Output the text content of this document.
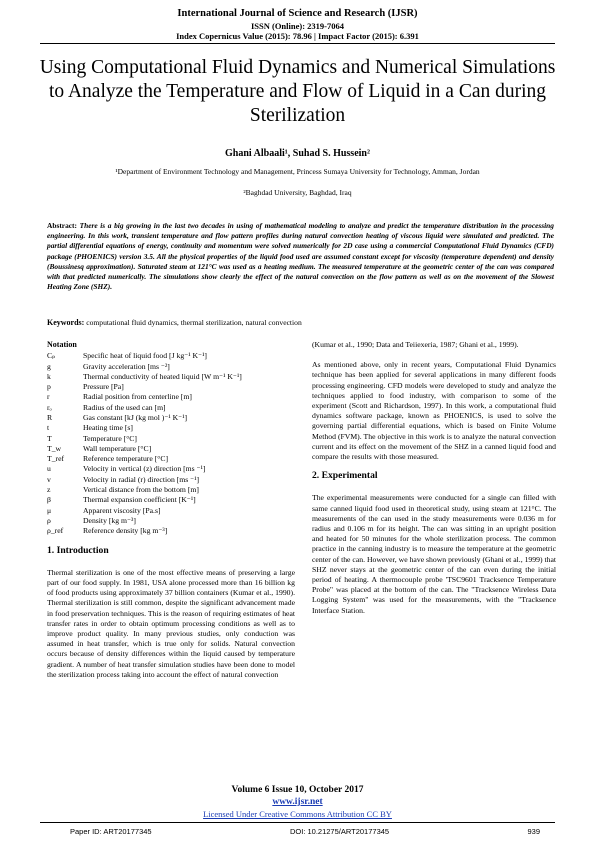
International Journal of Science and Research (IJSR)
ISSN (Online): 2319-7064
Index Copernicus Value (2015): 78.96 | Impact Factor (2015): 6.391
Using Computational Fluid Dynamics and Numerical Simulations to Analyze the Temperature and Flow of Liquid in a Can during Sterilization
Ghani Albaali¹, Suhad S. Hussein²
¹Department of Environment Technology and Management, Princess Sumaya University for Technology, Amman, Jordan
²Baghdad University, Baghdad, Iraq
Abstract: There is a big growing in the last two decades in using of mathematical modeling to analyze and predict the temperature distribution in the processing engineering. In this work, transient temperature and flow pattern profiles during natural convection heating of viscous liquid were simulated and predicted. The partial differential equations of energy, continuity and momentum were solved numerically for 2D case using a commercial Computational Fluid Dynamics (CFD) package (PHOENICS) version 3.5. All the physical properties of the liquid food used are assumed constant except for viscosity (temperature dependent) and density (Boussinesq approximation). Saturated steam at 121°C was used as a heating medium. The measured temperature at the geometric center of the can was compared with that predicted numerically. The simulations show clearly the effect of the natural convection on the flow pattern as well as on the movement of the Slowest Heating Zone (SHZ).
Keywords: computational fluid dynamics, thermal sterilization, natural convection
Notation
Cₚ	Specific heat of liquid food [J kg⁻¹ K⁻¹]
g	Gravity acceleration [ms ⁻²]
k	Thermal conductivity of heated liquid [W m⁻¹ K⁻¹]
p	Pressure [Pa]
r	Radial position from centerline [m]
rₒ	Radius of the used can [m]
R	Gas constant [kJ (kg mol )⁻¹ K⁻¹]
t	Heating time [s]
T	Temperature [°C]
T_w	Wall temperature [°C]
T_ref	Reference temperature [°C]
u	Velocity in vertical (z) direction [ms ⁻¹]
v	Velocity in radial (r) direction [ms ⁻¹]
z	Vertical distance from the bottom [m]
β	Thermal expansion coefficient [K⁻¹]
μ	Apparent viscosity [Pa.s]
ρ	Density [kg m⁻³]
ρ_ref	Reference density [kg m⁻³]
1. Introduction

Thermal sterilization is one of the most effective means of preserving a large part of our food supply. In 1981, USA alone processed more than 16 billion kg of food products using approximately 37 billion containers (Kumar et al., 1990). Thermal sterilization is still common, despite the significant advancement made in food preservation techniques. This is the reason of requiring estimates of heat transfer rates in order to obtain optimum processing conditions as well as to improve product quality. In many previous studies, only conduction was assumed in heat transfer, which is true only for solids. Natural convection occurs because of density differences within the liquid caused by temperature gradient. A number of heat transfer simulation studies have been done to model the sterilization process taking into account the effect of natural convection

(Kumar et al., 1990; Data and Teiiexeria, 1987; Ghani et al., 1999).

As mentioned above, only in recent years, Computational Fluid Dynamics technique has been applied for several applications in many different foods processing engineering. CFD models were developed to study and analyze the techniques applied to food industry, with comparison to some of the experiment (Scott and Richardson, 1997). In this work, a computational fluid dynamics software package, known as PHOENICS, is used to solve the governing partial differential equations, which is based on Finite Volume Method (FVM). The objective in this work is to analyze the natural convection current and its effect on the movement of the SHZ in a canned liquid food and compare the results with those measured.

2. Experimental

The experimental measurements were conducted for a single can filled with same canned liquid food used in theoretical study, using steam at 121°C. The measurements of the can used in the study measurements were 0.036 m for radius and 0.106 m for its height. The can was sitting in an upright position and heated for 50 minutes for the whole sterilization process. The common practice in the canning industry is to measure the temperature at the geometric center of the can. However, we have shown previously (Ghani et al., 1999) that SHZ never stays at the geometric center of the can even during the initial period of heating. A thermocouple probe 'TSC9601 Tracksence Temperature Probe" was placed at the bottom of the can. The "Tracksence Wireless Data Logging System" was used for the measurements, with the "Tracksence Interface Station.

Volume 6 Issue 10, October 2017
www.ijsr.net
Licensed Under Creative Commons Attribution CC BY
Paper ID: ART20177345	DOI: 10.21275/ART20177345	939
